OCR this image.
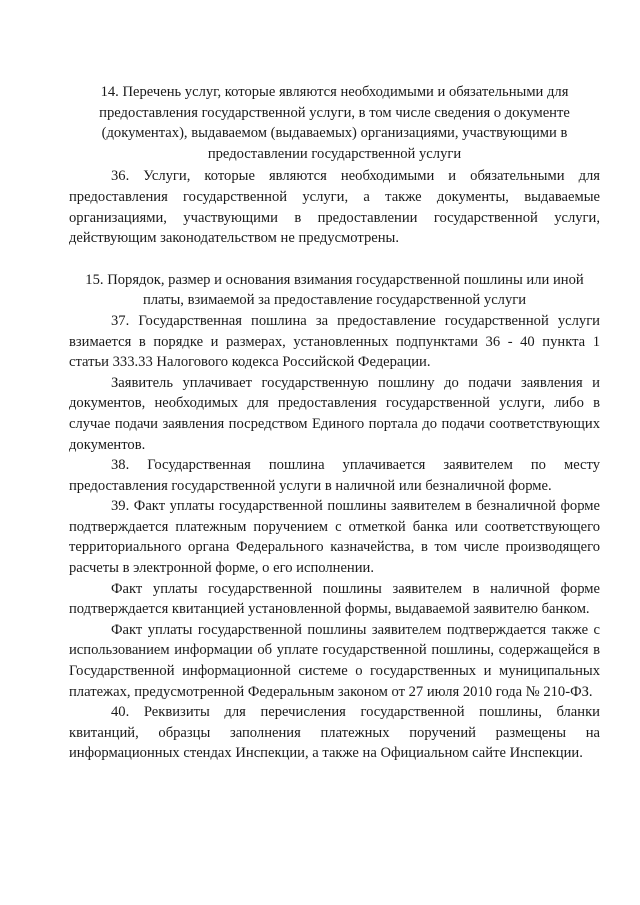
14. Перечень услуг, которые являются необходимыми и обязательными для предоставления государственной услуги, в том числе сведения о документе (документах), выдаваемом (выдаваемых) организациями, участвующими в предоставлении государственной услуги

36. Услуги, которые являются необходимыми и обязательными для предоставления государственной услуги, а также документы, выдаваемые организациями, участвующими в предоставлении государственной услуги, действующим законодательством не предусмотрены.

15. Порядок, размер и основания взимания государственной пошлины или иной платы, взимаемой за предоставление государственной услуги

37. Государственная пошлина за предоставление государственной услуги взимается в порядке и размерах, установленных подпунктами 36 - 40 пункта 1 статьи 333.33 Налогового кодекса Российской Федерации.

Заявитель уплачивает государственную пошлину до подачи заявления и документов, необходимых для предоставления государственной услуги, либо в случае подачи заявления посредством Единого портала до подачи соответствующих документов.

38. Государственная пошлина уплачивается заявителем по месту предоставления государственной услуги в наличной или безналичной форме.

39. Факт уплаты государственной пошлины заявителем в безналичной форме подтверждается платежным поручением с отметкой банка или соответствующего территориального органа Федерального казначейства, в том числе производящего расчеты в электронной форме, о его исполнении.

Факт уплаты государственной пошлины заявителем в наличной форме подтверждается квитанцией установленной формы, выдаваемой заявителю банком.

Факт уплаты государственной пошлины заявителем подтверждается также с использованием информации об уплате государственной пошлины, содержащейся в Государственной информационной системе о государственных и муниципальных платежах, предусмотренной Федеральным законом от 27 июля 2010 года № 210-ФЗ.

40. Реквизиты для перечисления государственной пошлины, бланки квитанций, образцы заполнения платежных поручений размещены на информационных стендах Инспекции, а также на Официальном сайте Инспекции.
